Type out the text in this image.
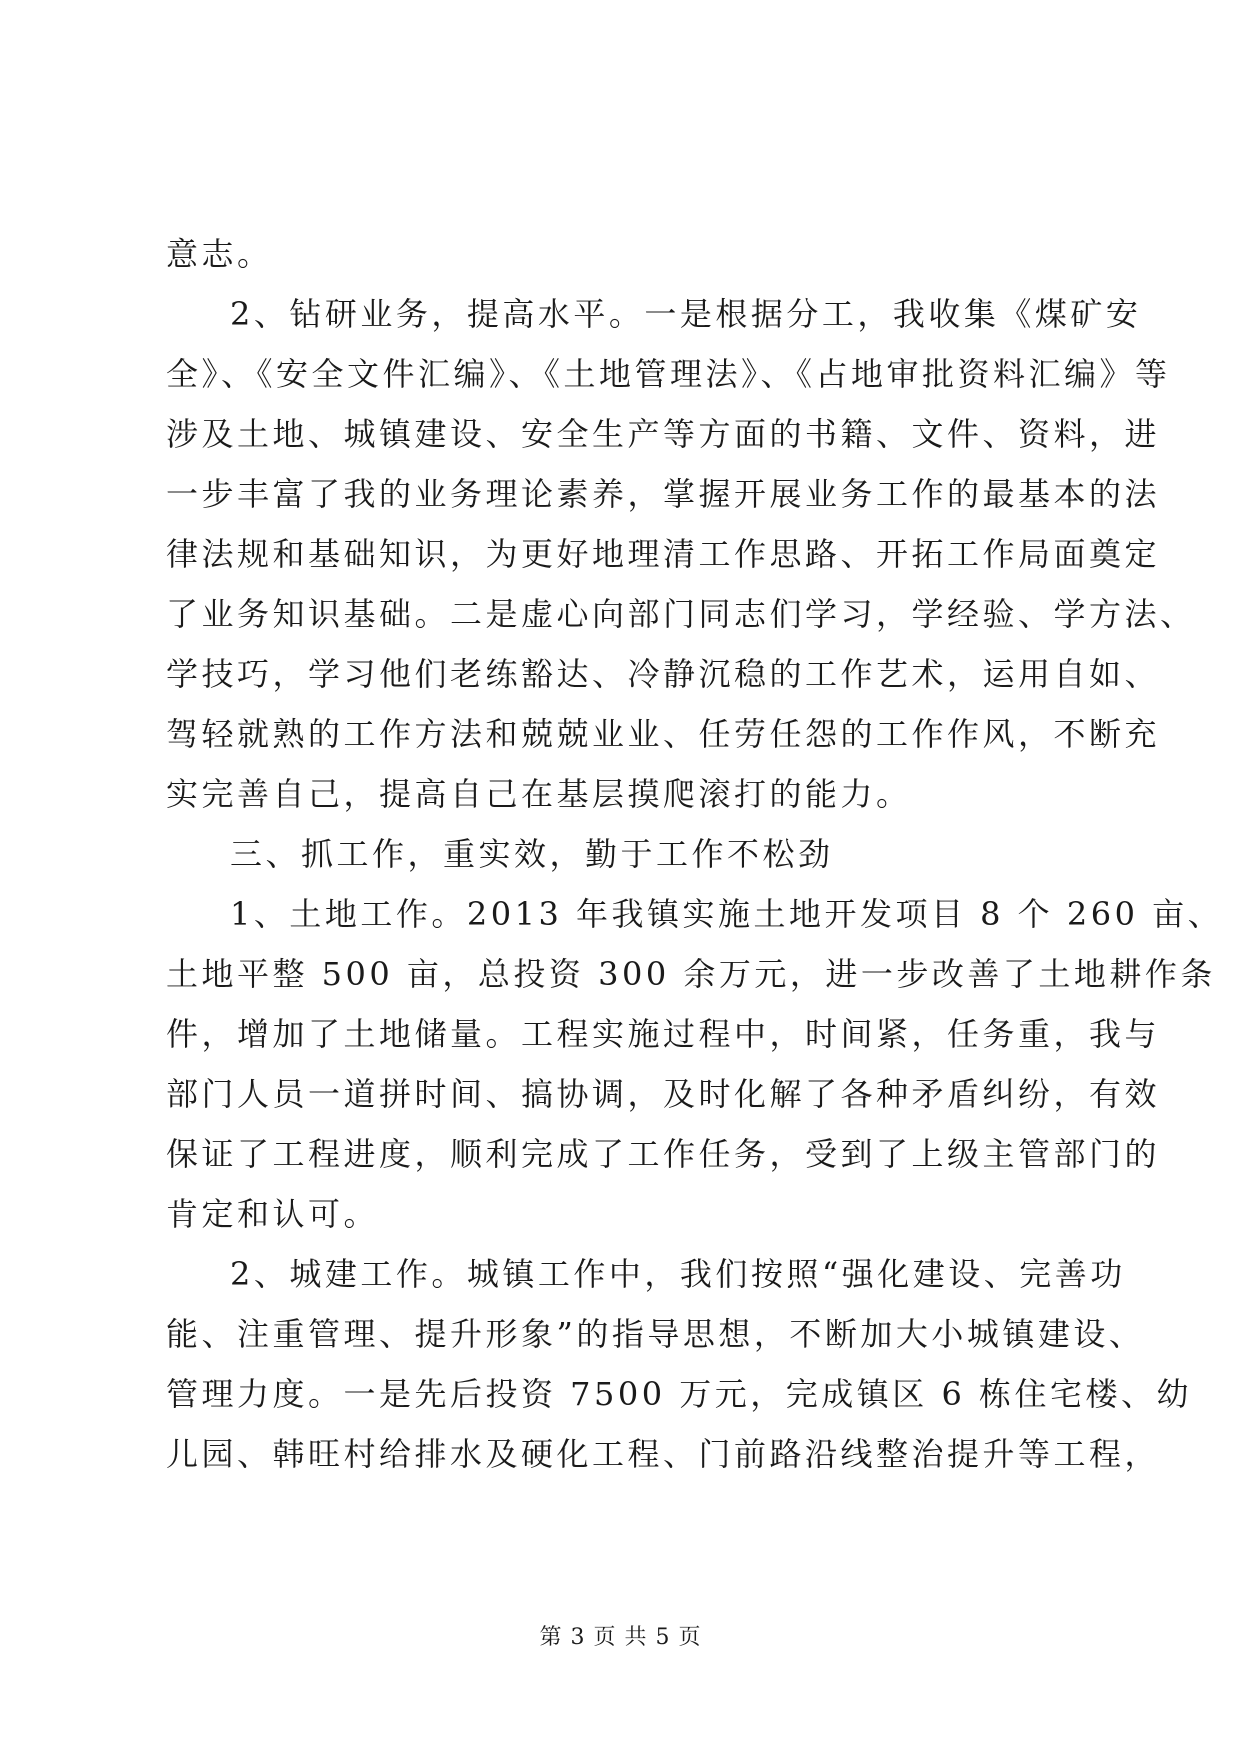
意志。
2、钻研业务，提高水平。一是根据分工，我收集《煤矿安
全》、《安全文件汇编》、《土地管理法》、《占地审批资料汇编》等
涉及土地、城镇建设、安全生产等方面的书籍、文件、资料，进
一步丰富了我的业务理论素养，掌握开展业务工作的最基本的法
律法规和基础知识，为更好地理清工作思路、开拓工作局面奠定
了业务知识基础。二是虚心向部门同志们学习，学经验、学方法、
学技巧，学习他们老练豁达、冷静沉稳的工作艺术，运用自如、
驾轻就熟的工作方法和兢兢业业、任劳任怨的工作作风，不断充
实完善自己，提高自己在基层摸爬滚打的能力。
三、抓工作，重实效，勤于工作不松劲
1、土地工作。2013 年我镇实施土地开发项目 8 个 260 亩、
土地平整 500 亩，总投资 300 余万元，进一步改善了土地耕作条
件，增加了土地储量。工程实施过程中，时间紧，任务重，我与
部门人员一道拼时间、搞协调，及时化解了各种矛盾纠纷，有效
保证了工程进度，顺利完成了工作任务，受到了上级主管部门的
肯定和认可。
2、城建工作。城镇工作中，我们按照“强化建设、完善功
能、注重管理、提升形象”的指导思想，不断加大小城镇建设、
管理力度。一是先后投资 7500 万元，完成镇区 6 栋住宅楼、幼
儿园、韩旺村给排水及硬化工程、门前路沿线整治提升等工程，
第 3 页 共 5 页
